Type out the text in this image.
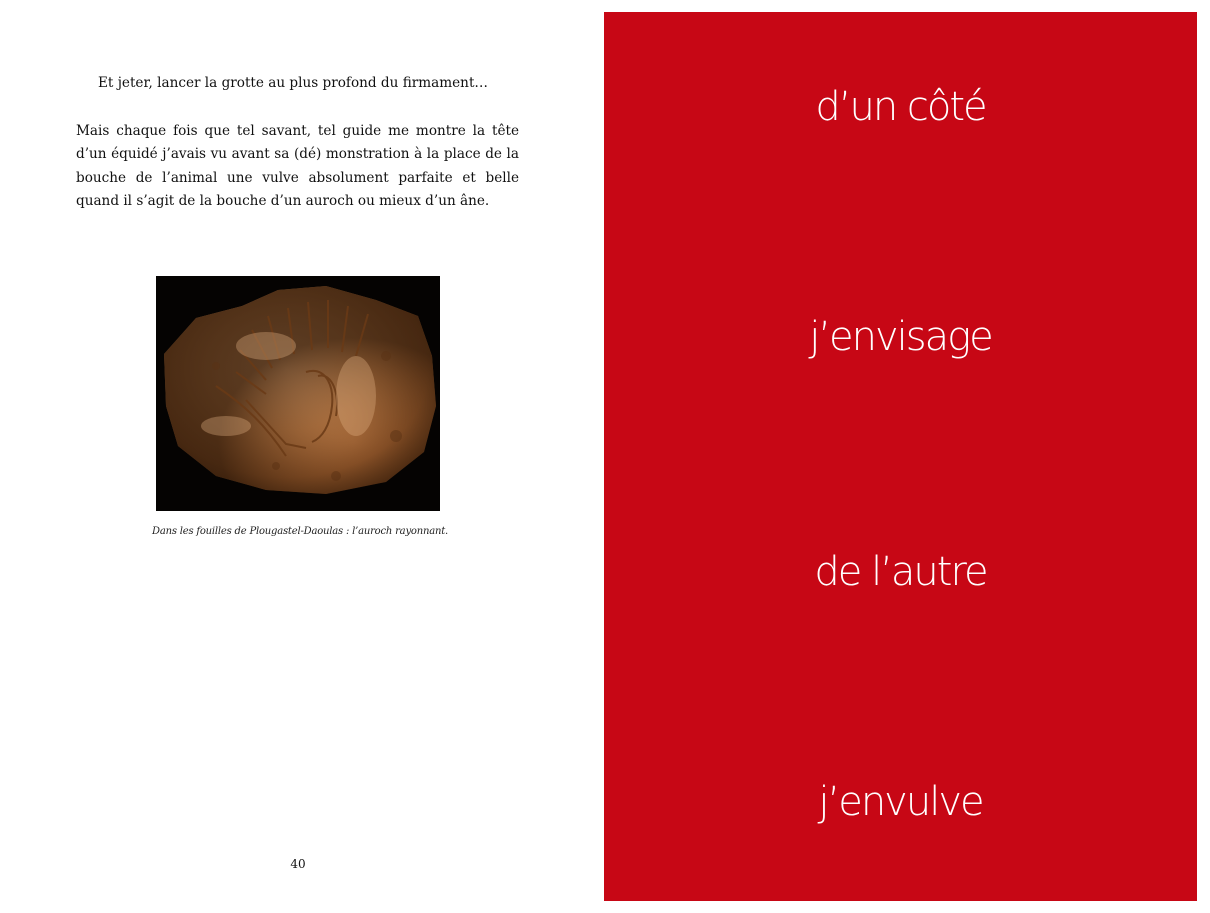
Et jeter, lancer la grotte au plus profond du firmament…

Mais chaque fois que tel savant, tel guide me montre la tête d’un équidé j’avais vu avant sa (dé) monstration à la place de la bouche de l’animal une vulve absolument parfaite et belle quand il s’agit de la bouche d’un auroch ou mieux d’un âne.

Dans les fouilles de Plougastel-Daoulas : l’auroch rayonnant.
40
d’un côté
j’envisage
de l’autre
j’envulve
